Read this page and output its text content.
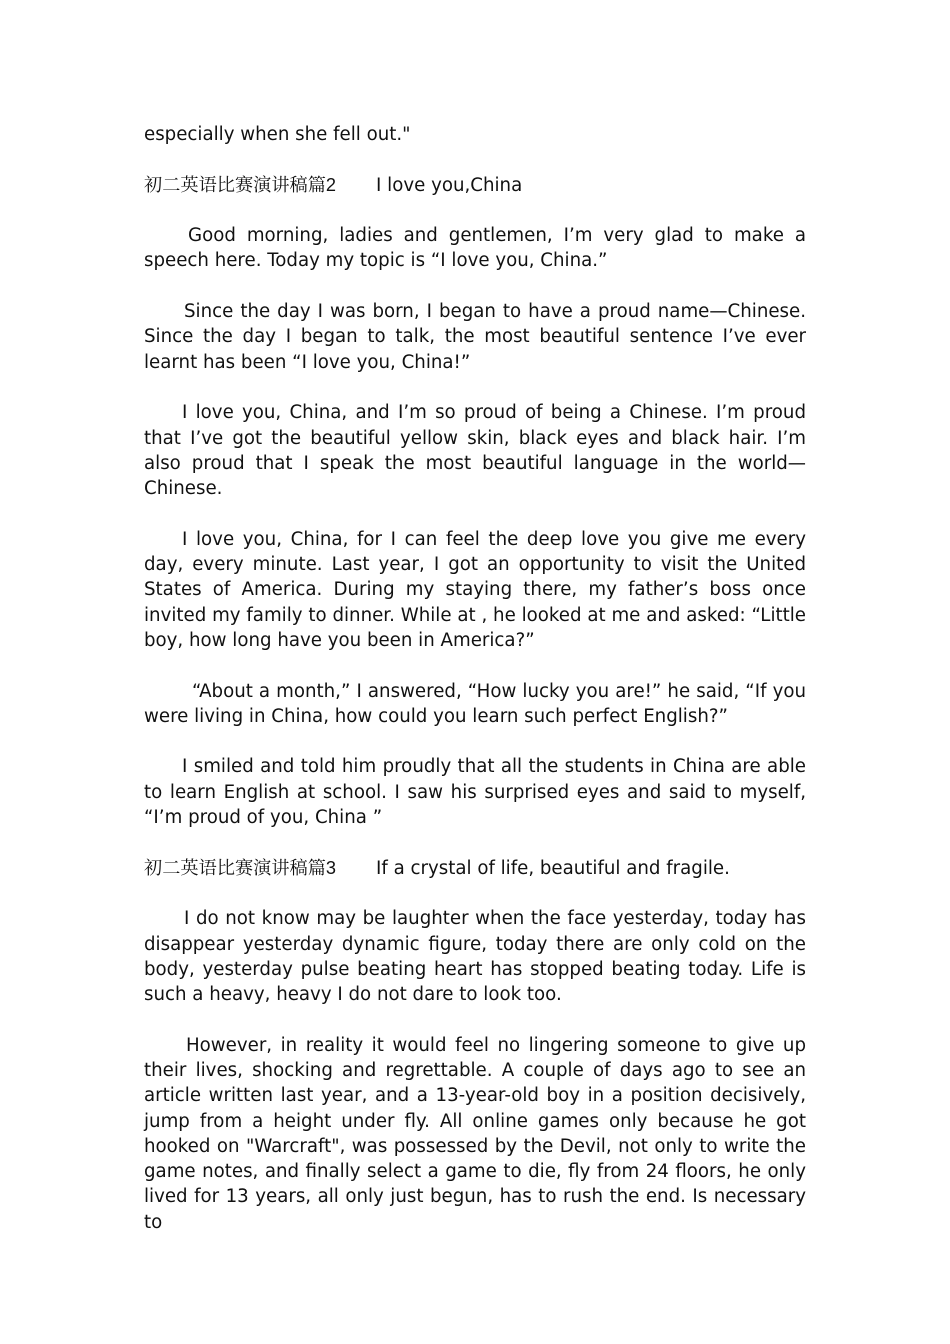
especially when she fell out."

初二英语比赛演讲稿篇2 I love you,China

Good morning, ladies and gentlemen, I’m very glad to make a speech here. Today my topic is “I love you, China.”

Since the day I was born, I began to have a proud name—Chinese. Since the day I began to talk, the most beautiful sentence I’ve ever learnt has been “I love you, China!”

I love you, China, and I’m so proud of being a Chinese. I’m proud that I’ve got the beautiful yellow skin, black eyes and black hair. I’m also proud that I speak the most beautiful language in the world—Chinese.

I love you, China, for I can feel the deep love you give me every day, every minute. Last year, I got an opportunity to visit the United States of America. During my staying there, my father’s boss once invited my family to dinner. While at , he looked at me and asked: “Little boy, how long have you been in America?”

“About a month,” I answered, “How lucky you are!” he said, “If you were living in China, how could you learn such perfect English?”

I smiled and told him proudly that all the students in China are able to learn English at school. I saw his surprised eyes and said to myself, “I’m proud of you, China ”

初二英语比赛演讲稿篇3 If a crystal of life, beautiful and fragile.

I do not know may be laughter when the face yesterday, today has disappear yesterday dynamic figure, today there are only cold on the body, yesterday pulse beating heart has stopped beating today. Life is such a heavy, heavy I do not dare to look too.

However, in reality it would feel no lingering someone to give up their lives, shocking and regrettable. A couple of days ago to see an article written last year, and a 13-year-old boy in a position decisively, jump from a height under fly. All online games only because he got hooked on "Warcraft", was possessed by the Devil, not only to write the game notes, and finally select a game to die, fly from 24 floors, he only lived for 13 years, all only just begun, has to rush the end. Is necessary to
